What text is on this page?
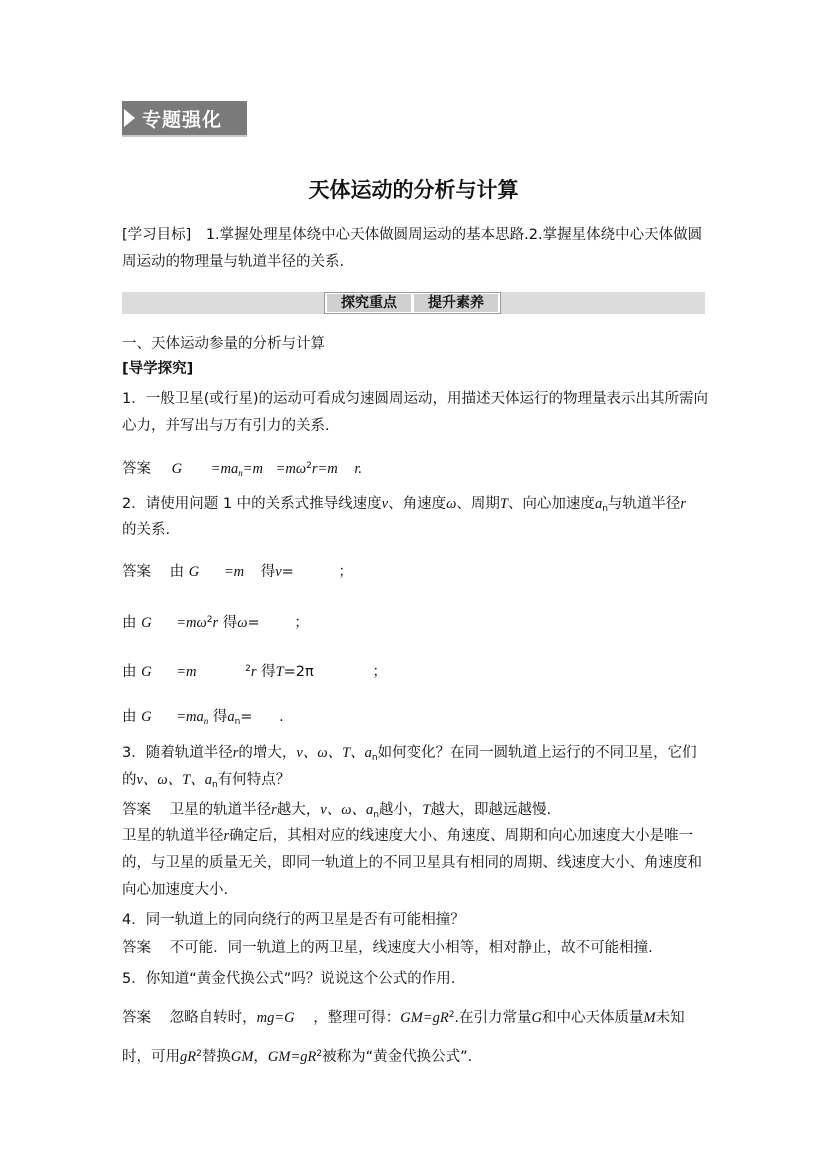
专题强化
天体运动的分析与计算
[学习目标]　1.掌握处理星体绕中心天体做圆周运动的基本思路.2.掌握星体绕中心天体做圆
周运动的物理量与轨道半径的关系.
探究重点	提升素养
一、天体运动参量的分析与计算
[导学探究]
1．一般卫星(或行星)的运动可看成匀速圆周运动，用描述天体运行的物理量表示出其所需向
心力，并写出与万有引力的关系.
答案 $G =ma_n=m =m\omega^2r=m$ r.
2．请使用问题 1 中的关系式推导线速度v、角速度ω、周期T、向心加速度$a_n$与轨道半径r
的关系.
答案 由 G =m 得v=	；
由 $G =m\omega^2r$ 得ω= ；
由 G =m	$^2$r 得T=2π	；
由 $G =ma_n$ 得$a_n=$ .
3．随着轨道半径r的增大，v、ω、T、$a_n$如何变化？在同一圆轨道上运行的不同卫星，它们
的v、ω、T、$a_n$有何特点？
答案 卫星的轨道半径r越大，v、ω、$a_n$越小，T越大，即越远越慢.
卫星的轨道半径r确定后，其相对应的线速度大小、角速度、周期和向心加速度大小是唯一
的，与卫星的质量无关，即同一轨道上的不同卫星具有相同的周期、线速度大小、角速度和
向心加速度大小.
4．同一轨道上的同向绕行的两卫星是否有可能相撞？
答案 不可能．同一轨道上的两卫星，线速度大小相等，相对静止，故不可能相撞.
5．你知道“黄金代换公式”吗？说说这个公式的作用.
答案 忽略自转时，mg=G ，整理可得：$GM=gR^2$.在引力常量G和中心天体质量M未知
时，可用$gR^2$替换GM，$GM=gR^2$被称为“黄金代换公式”.
